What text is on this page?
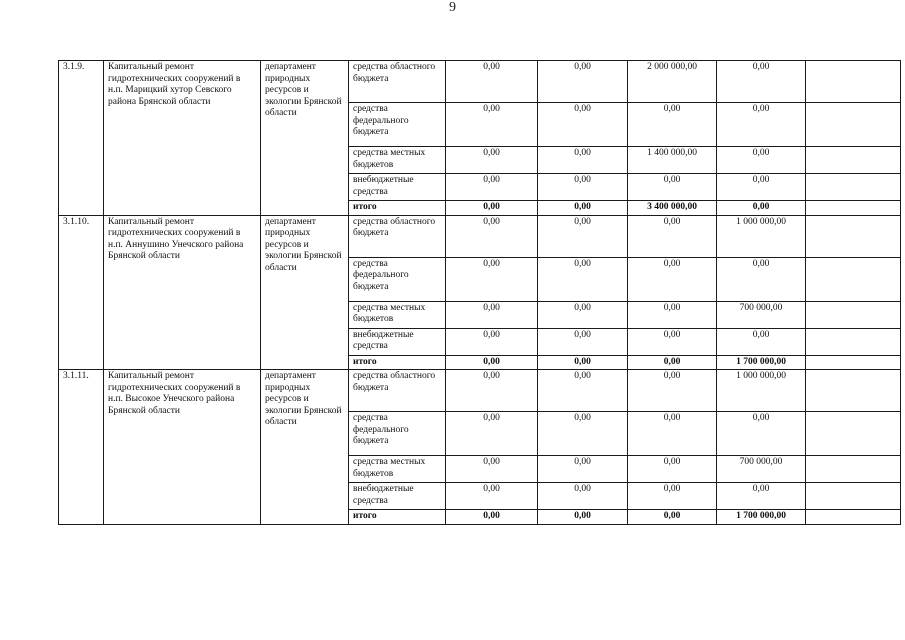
9
3.1.9.	Капитальный ремонт гидротехнических сооружений в н.п. Марицкий хутор Севского района Брянской области	департамент природных ресурсов и экологии Брянской области	средства областного бюджета	0,00	0,00	2 000 000,00	0,00	
			средства федерального бюджета	0,00	0,00	0,00	0,00	
			средства местных бюджетов	0,00	0,00	1 400 000,00	0,00	
			внебюджетные средства	0,00	0,00	0,00	0,00	
			итого	0,00	0,00	3 400 000,00	0,00	
3.1.10.	Капитальный ремонт гидротехнических сооружений в н.п. Аннушино Унечского района Брянской области	департамент природных ресурсов и экологии Брянской области	средства областного бюджета	0,00	0,00	0,00	1 000 000,00	
			средства федерального бюджета	0,00	0,00	0,00	0,00	
			средства местных бюджетов	0,00	0,00	0,00	700 000,00	
			внебюджетные средства	0,00	0,00	0,00	0,00	
			итого	0,00	0,00	0,00	1 700 000,00	
3.1.11.	Капитальный ремонт гидротехнических сооружений в н.п. Высокое Унечского района Брянской области	департамент природных ресурсов и экологии Брянской области	средства областного бюджета	0,00	0,00	0,00	1 000 000,00	
			средства федерального бюджета	0,00	0,00	0,00	0,00	
			средства местных бюджетов	0,00	0,00	0,00	700 000,00	
			внебюджетные средства	0,00	0,00	0,00	0,00	
			итого	0,00	0,00	0,00	1 700 000,00	
